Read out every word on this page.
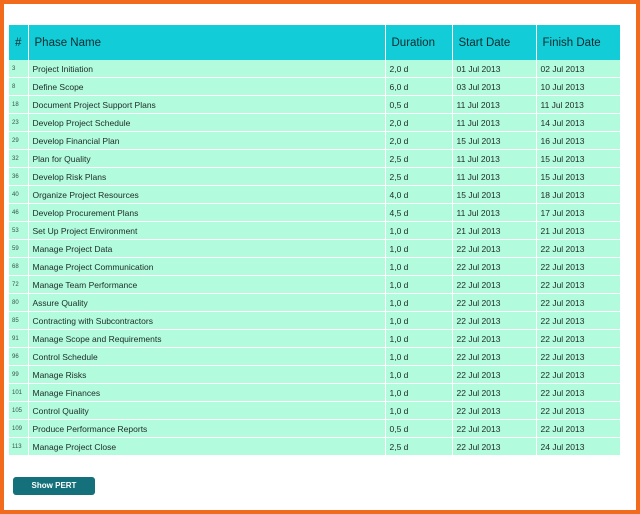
#	Phase Name	Duration	Start Date	Finish Date
3	Project Initiation	2,0 d	01 Jul 2013	02 Jul 2013
8	Define Scope	6,0 d	03 Jul 2013	10 Jul 2013
18	Document Project Support Plans	0,5 d	11 Jul 2013	11 Jul 2013
23	Develop Project Schedule	2,0 d	11 Jul 2013	14 Jul 2013
29	Develop Financial Plan	2,0 d	15 Jul 2013	16 Jul 2013
32	Plan for Quality	2,5 d	11 Jul 2013	15 Jul 2013
36	Develop Risk Plans	2,5 d	11 Jul 2013	15 Jul 2013
40	Organize Project Resources	4,0 d	15 Jul 2013	18 Jul 2013
46	Develop Procurement Plans	4,5 d	11 Jul 2013	17 Jul 2013
53	Set Up Project Environment	1,0 d	21 Jul 2013	21 Jul 2013
59	Manage Project Data	1,0 d	22 Jul 2013	22 Jul 2013
68	Manage Project Communication	1,0 d	22 Jul 2013	22 Jul 2013
72	Manage Team Performance	1,0 d	22 Jul 2013	22 Jul 2013
80	Assure Quality	1,0 d	22 Jul 2013	22 Jul 2013
85	Contracting with Subcontractors	1,0 d	22 Jul 2013	22 Jul 2013
91	Manage Scope and Requirements	1,0 d	22 Jul 2013	22 Jul 2013
96	Control Schedule	1,0 d	22 Jul 2013	22 Jul 2013
99	Manage Risks	1,0 d	22 Jul 2013	22 Jul 2013
101	Manage Finances	1,0 d	22 Jul 2013	22 Jul 2013
105	Control Quality	1,0 d	22 Jul 2013	22 Jul 2013
109	Produce Performance Reports	0,5 d	22 Jul 2013	22 Jul 2013
113	Manage Project Close	2,5 d	22 Jul 2013	24 Jul 2013
Show PERT
